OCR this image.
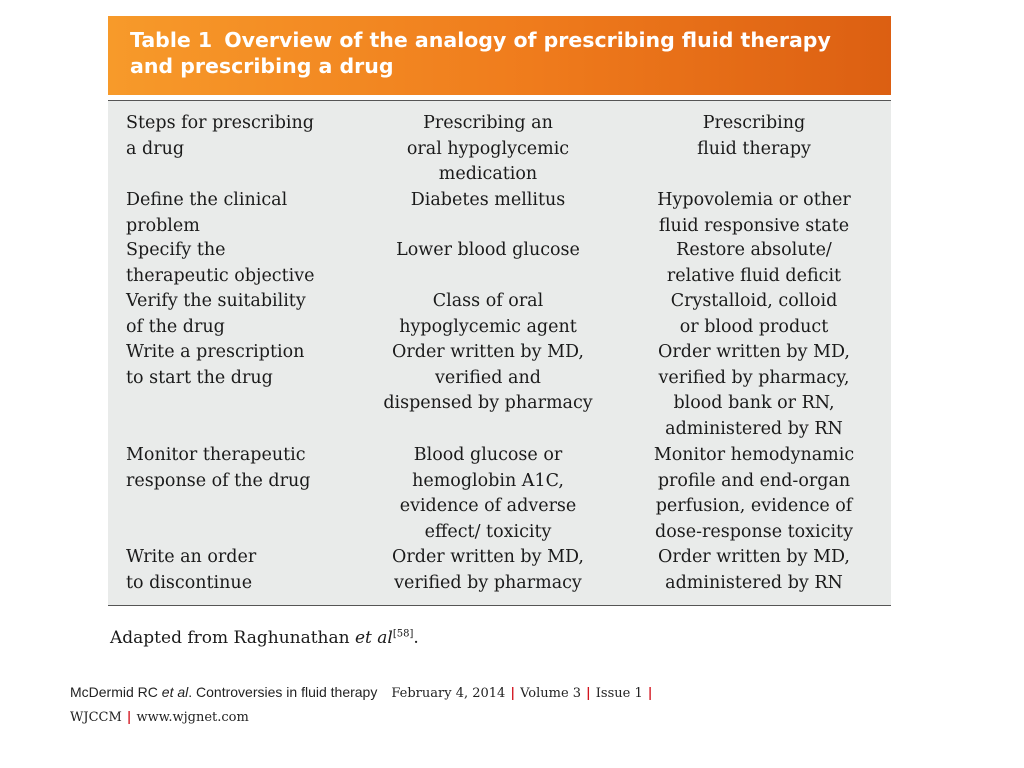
Table 1 Overview of the analogy of prescribing fluid therapy
and prescribing a drug
Steps for prescribing
a drug
Prescribing an
oral hypoglycemic
medication
Prescribing
fluid therapy
Define the clinical
problem
Diabetes mellitus	Hypovolemia or other
fluid responsive state
Specify the
therapeutic objective
Lower blood glucose	Restore absolute/
relative fluid deficit
Verify the suitability
of the drug
Class of oral
hypoglycemic agent
Crystalloid, colloid
or blood product
Write a prescription
to start the drug
Order written by MD,
verified and
dispensed by pharmacy
Order written by MD,
verified by pharmacy,
blood bank or RN,
administered by RN
Monitor therapeutic
response of the drug
Blood glucose or
hemoglobin A1C,
evidence of adverse
effect/ toxicity
Monitor hemodynamic
profile and end-organ
perfusion, evidence of
dose-response toxicity
Write an order
to discontinue
Order written by MD,
verified by pharmacy
Order written by MD,
administered by RN
Adapted from Raghunathan et al[58].
McDermid RC et al. Controversies in fluid therapy February 4, 2014 | Volume 3 | Issue 1 |
WJCCM | www.wjgnet.com
